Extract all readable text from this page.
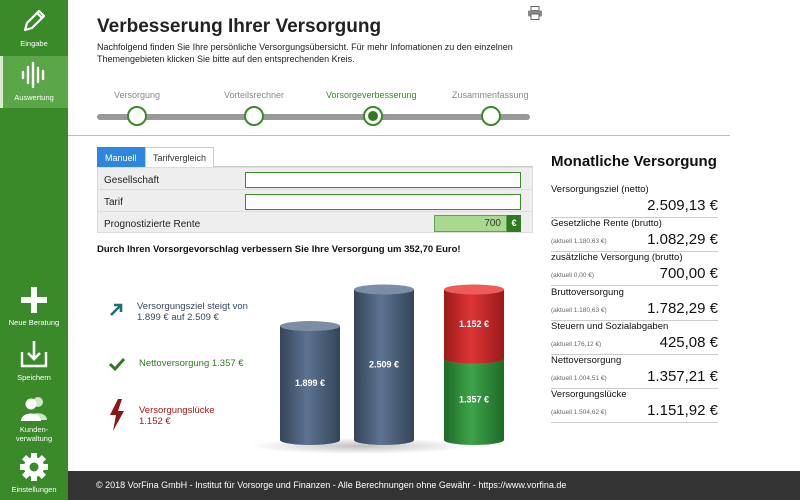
Eingabe
Auswertung
Neue Beratung
Speichern
Kunden-
verwaltung
Einstellungen
Verbesserung Ihrer Versorgung
Nachfolgend finden Sie Ihre persönliche Versorgungsübersicht. Für mehr Infomationen zu den einzelnen Themengebieten klicken Sie bitte auf den entsprechenden Kreis.
Versorgung	Vorteilsrechner	Vorsorgeverbesserung	Zusammenfassung
Manuell	Tarifvergleich
Gesellschaft
Tarif
Prognostizierte Rente	700	€
Durch Ihren Vorsorgevorschlag verbessern Sie Ihre Versorgung um 352,70 Euro!
Versorgungsziel steigt von
1.899 € auf 2.509 €
Nettoversorgung 1.357 €
Versorgungslücke
1.152 €
1.899 €
2.509 €
1.357 €
1.152 €
Monatliche Versorgung
Versorgungsziel (netto)
2.509,13 €
Gesetzliche Rente (brutto)
(aktuell 1.180,63 €)	1.082,29 €
zusätzliche Versorgung (brutto)
(aktuell 0,00 €)	700,00 €
Bruttoversorgung
(aktuell 1.180,63 €)	1.782,29 €
Steuern und Sozialabgaben
(aktuell 176,12 €)	425,08 €
Nettoversorgung
(aktuell 1.004,51 €)	1.357,21 €
Versorgungslücke
(aktuell 1.504,62 €)	1.151,92 €
© 2018 VorFina GmbH - Institut für Vorsorge und Finanzen - Alle Berechnungen ohne Gewähr - https://www.vorfina.de
